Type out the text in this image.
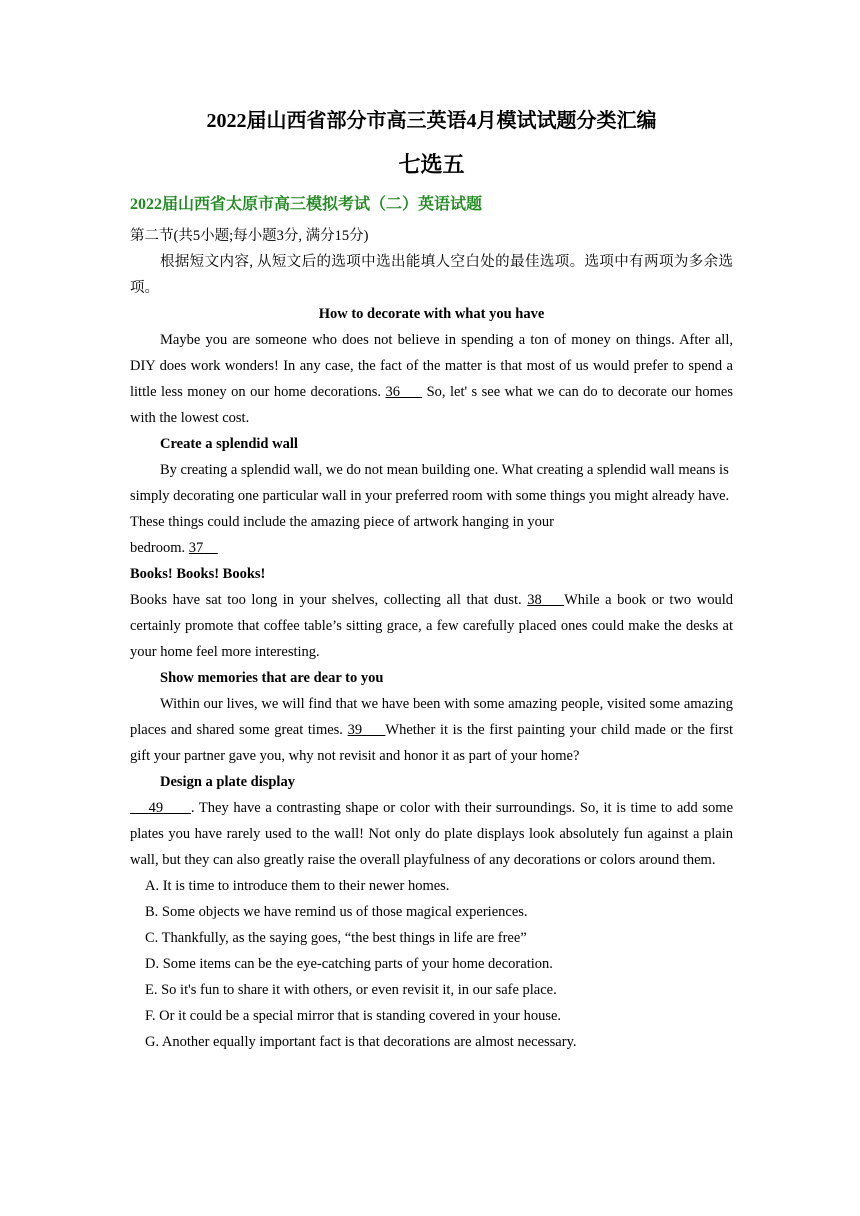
2022届山西省部分市高三英语4月模试试题分类汇编
七选五
2022届山西省太原市高三模拟考试（二）英语试题

第二节(共5小题;每小题3分, 满分15分)

根据短文内容, 从短文后的选项中选出能填人空白处的最佳选项。选项中有两项为多余选项。

How to decorate with what you have

Maybe you are someone who does not believe in spending a ton of money on things. After all, DIY does work wonders! In any case, the fact of the matter is that most of us would prefer to spend a little less money on our home decorations. 36      So, let' s see what we can do to decorate our homes with the lowest cost.

Create a splendid wall

By creating a splendid wall, we do not mean building one. What creating a splendid wall means is simply decorating one particular wall in your preferred room with some things you might already have. These things could include the amazing piece of artwork hanging in your

bedroom. 37

Books! Books! Books!

Books have sat too long in your shelves, collecting all that dust. 38 While a book or two would certainly promote that coffee table’s sitting grace, a few carefully placed ones could make the desks at your home feel more interesting.

Show memories that are dear to you

Within our lives, we will find that we have been with some amazing people, visited some amazing places and shared some great times. 39 Whether it is the first painting your child made or the first gift your partner gave you, why not revisit and honor it as part of your home?

Design a plate display

49 . They have a contrasting shape or color with their surroundings. So, it is time to add some plates you have rarely used to the wall! Not only do plate displays look absolutely fun against a plain wall, but they can also greatly raise the overall playfulness of any decorations or colors around them.

A. It is time to introduce them to their newer homes.

B. Some objects we have remind us of those magical experiences.

C. Thankfully, as the saying goes, “the best things in life are free”

D. Some items can be the eye-catching parts of your home decoration.

E. So it's fun to share it with others, or even revisit it, in our safe place.

F. Or it could be a special mirror that is standing covered in your house.

G. Another equally important fact is that decorations are almost necessary.
